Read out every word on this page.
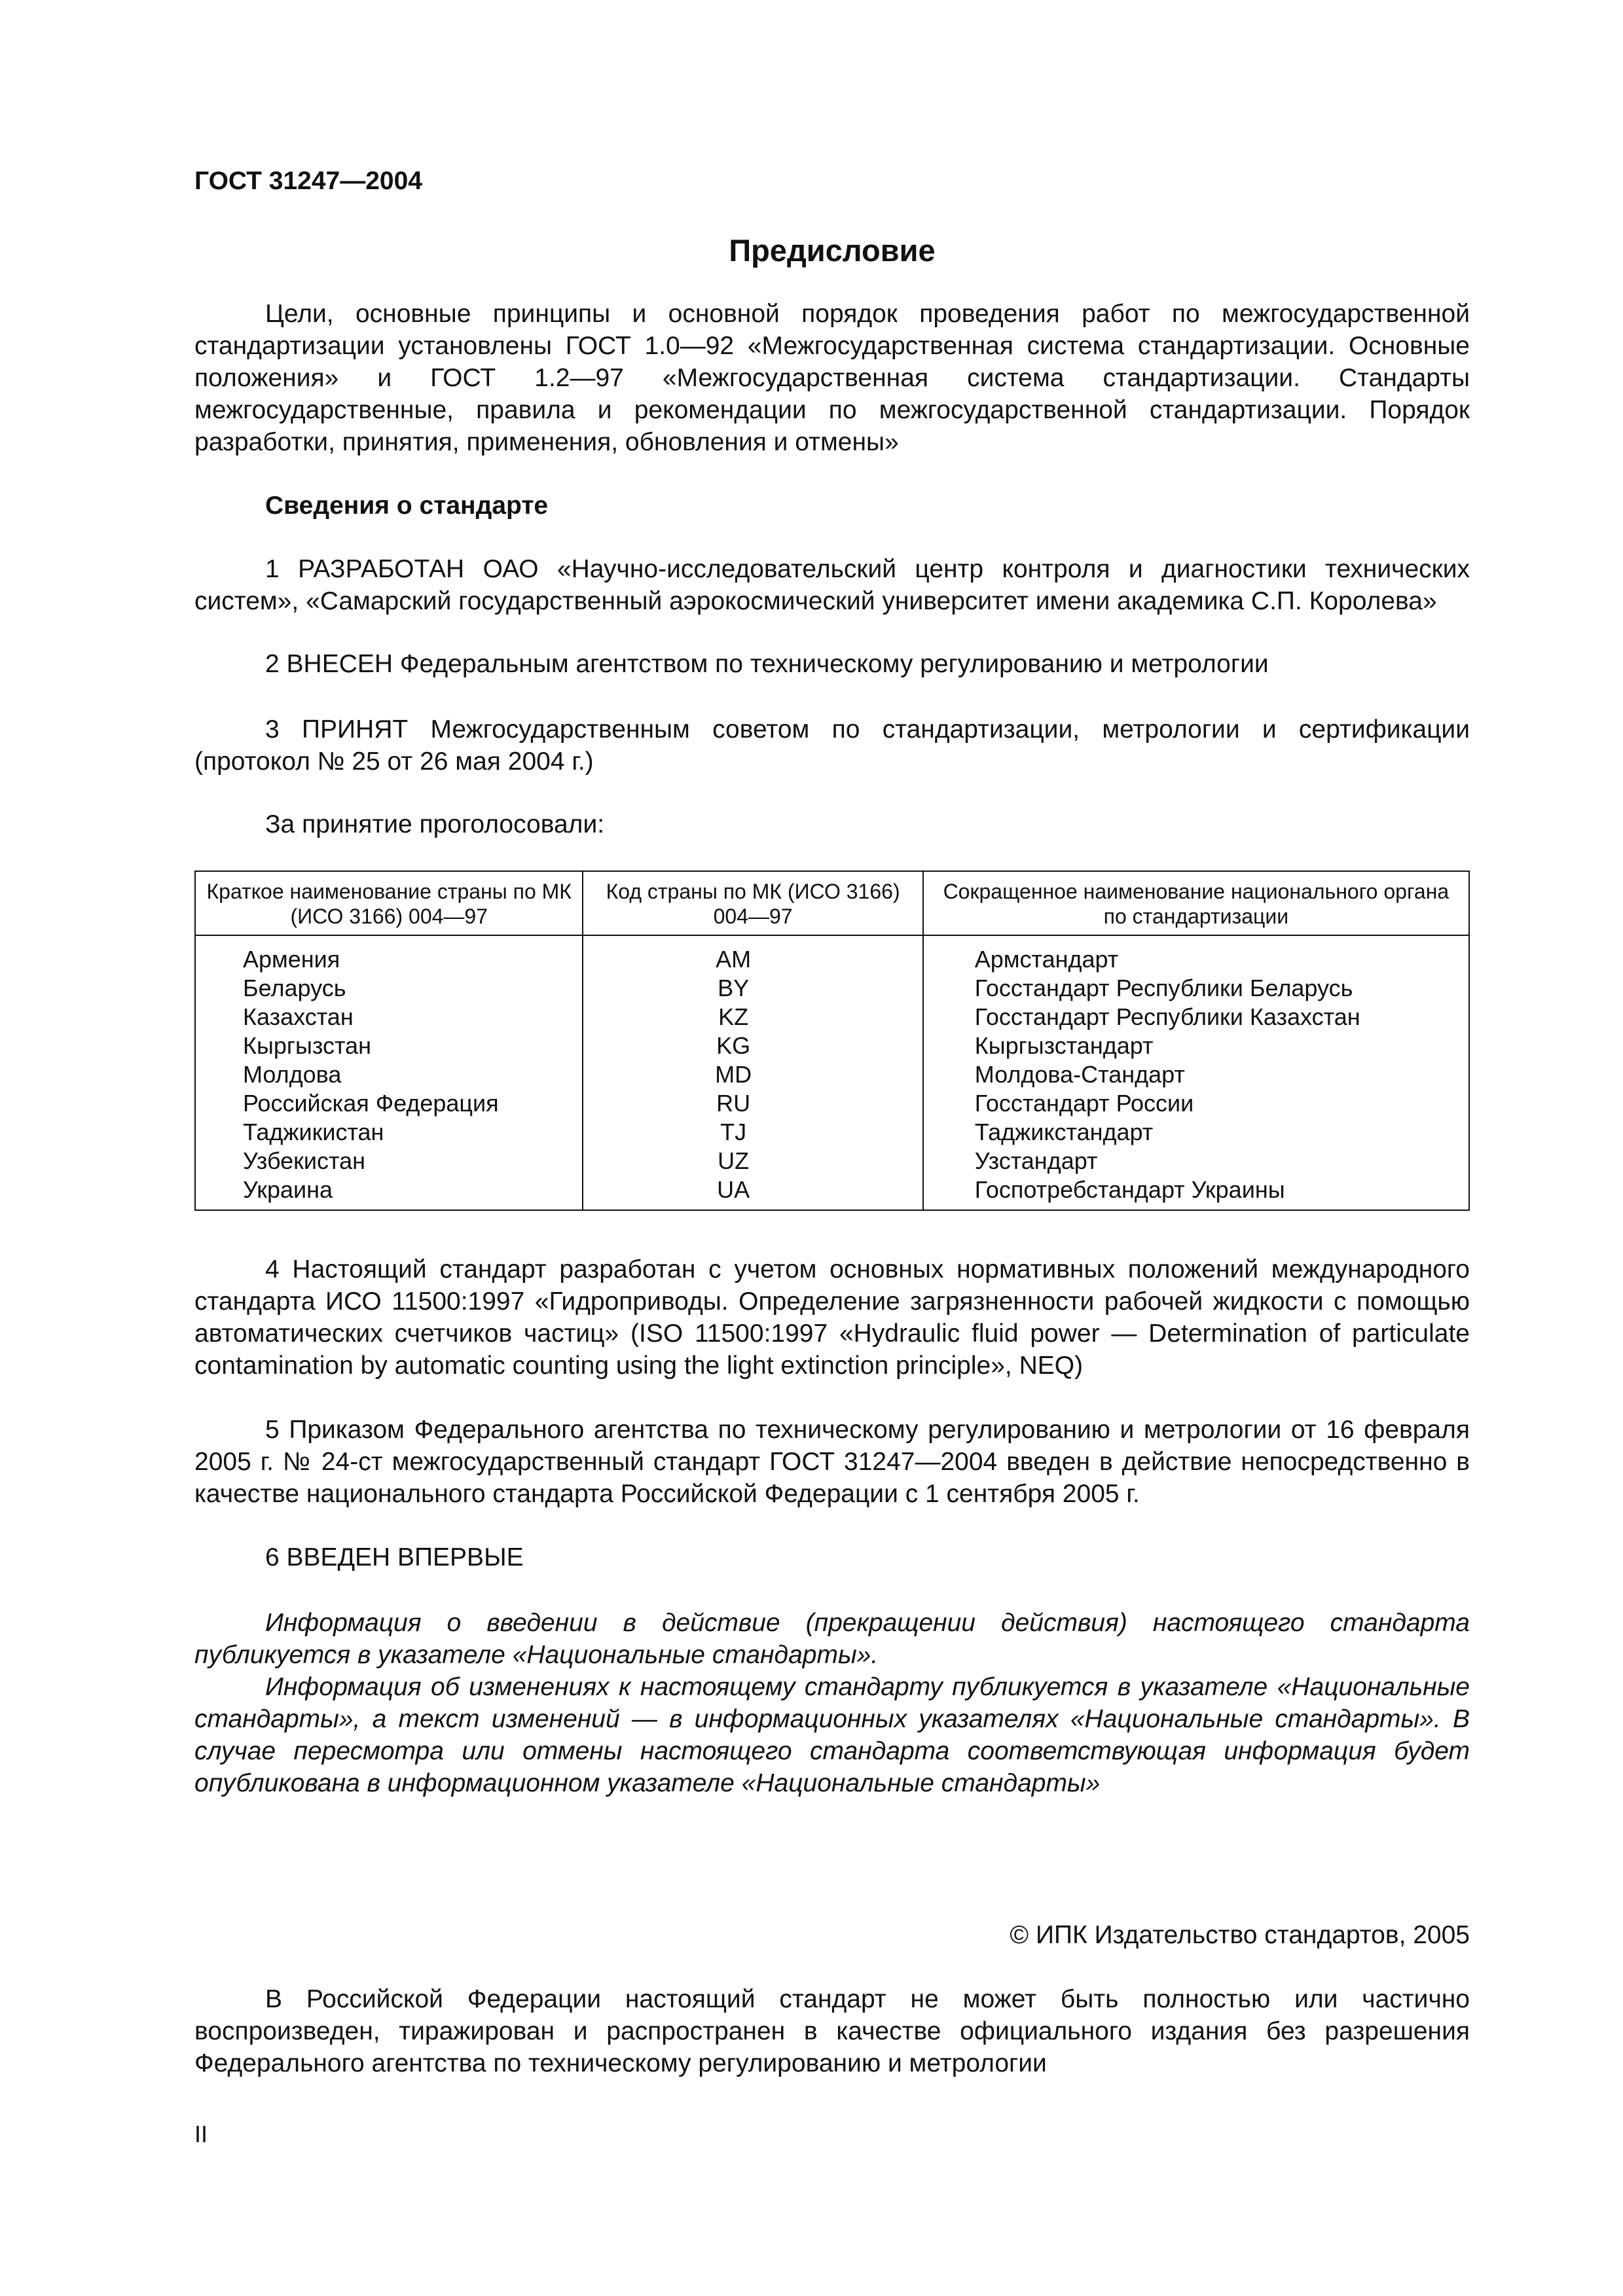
ГОСТ 31247—2004
Предисловие

Цели, основные принципы и основной порядок проведения работ по межгосударственной стандартизации установлены ГОСТ 1.0—92 «Межгосударственная система стандартизации. Основные положения» и ГОСТ 1.2—97 «Межгосударственная система стандартизации. Стандарты межгосударственные, правила и рекомендации по межгосударственной стандартизации. Порядок разработки, принятия, применения, обновления и отмены»

Сведения о стандарте

1 РАЗРАБОТАН ОАО «Научно-исследовательский центр контроля и диагностики технических систем», «Самарский государственный аэрокосмический университет имени академика С.П. Королева»

2 ВНЕСЕН Федеральным агентством по техническому регулированию и метрологии

3 ПРИНЯТ Межгосударственным советом по стандартизации, метрологии и сертификации (протокол № 25 от 26 мая 2004 г.)

За принятие проголосовали:

Краткое наименование страны по МК (ИСО 3166) 004—97	Код страны по МК (ИСО 3166) 004—97	Сокращенное наименование национального органа по стандартизации

Армения	AM	Армстандарт

Беларусь	BY	Госстандарт Республики Беларусь

Казахстан	KZ	Госстандарт Республики Казахстан

Кыргызстан	KG	Кыргызстандарт

Молдова	MD	Молдова-Стандарт

Российская Федерация	RU	Госстандарт России

Таджикистан	TJ	Таджикстандарт

Узбекистан	UZ	Узстандарт

Украина	UA	Госпотребстандарт Украины

4 Настоящий стандарт разработан с учетом основных нормативных положений международного стандарта ИСО 11500:1997 «Гидроприводы. Определение загрязненности рабочей жидкости с помощью автоматических счетчиков частиц» (ISO 11500:1997 «Hydraulic fluid power — Determination of particulate contamination by automatic counting using the light extinction principle», NEQ)

5 Приказом Федерального агентства по техническому регулированию и метрологии от 16 февраля 2005 г. № 24-ст межгосударственный стандарт ГОСТ 31247—2004 введен в действие непосредственно в качестве национального стандарта Российской Федерации с 1 сентября 2005 г.

6 ВВЕДЕН ВПЕРВЫЕ

Информация о введении в действие (прекращении действия) настоящего стандарта публикуется в указателе «Национальные стандарты».

Информация об изменениях к настоящему стандарту публикуется в указателе «Национальные стандарты», а текст изменений — в информационных указателях «Национальные стандарты». В случае пересмотра или отмены настоящего стандарта соответствующая информация будет опубликована в информационном указателе «Национальные стандарты»

© ИПК Издательство стандартов, 2005

В Российской Федерации настоящий стандарт не может быть полностью или частично воспроизведен, тиражирован и распространен в качестве официального издания без разрешения Федерального агентства по техническому регулированию и метрологии

II
